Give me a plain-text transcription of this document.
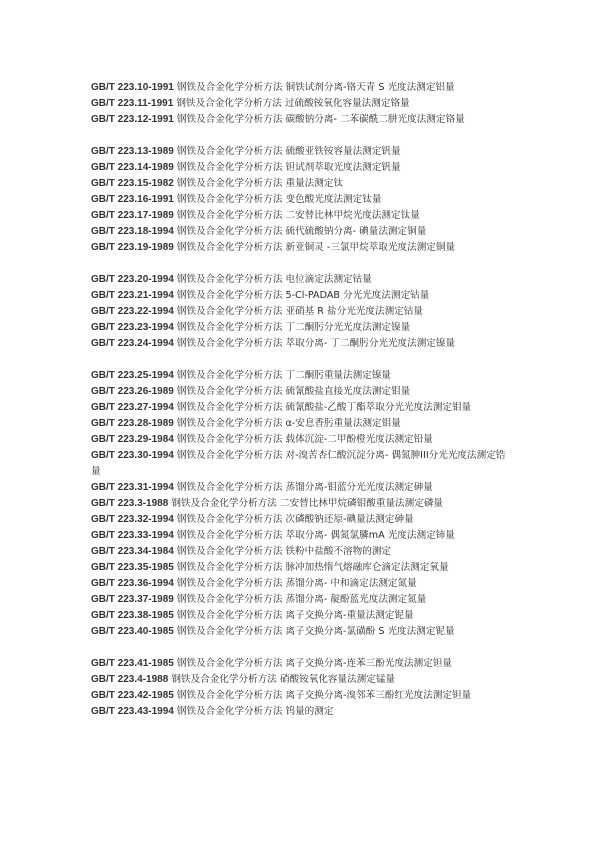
GB/T 223.10-1991 钢铁及合金化学分析方法 铜铁试剂分离-铬天青 S 光度法测定铝量

GB/T 223.11-1991 钢铁及合金化学分析方法 过硫酸铵氧化容量法测定铬量

GB/T 223.12-1991 钢铁及合金化学分析方法 碳酸钠分离- 二苯碳酰二肼光度法测定铬量

GB/T 223.13-1989 钢铁及合金化学分析方法 硫酸亚铁铵容量法测定钒量

GB/T 223.14-1989 钢铁及合金化学分析方法 钽试剂萃取光度法测定钒量

GB/T 223.15-1982 钢铁及合金化学分析方法 重量法测定钛

GB/T 223.16-1991 钢铁及合金化学分析方法 变色酸光度法测定钛量

GB/T 223.17-1989 钢铁及合金化学分析方法 二安替比林甲烷光度法测定钛量

GB/T 223.18-1994 钢铁及合金化学分析方法 硫代硫酸钠分离- 碘量法测定铜量

GB/T 223.19-1989 钢铁及合金化学分析方法 新亚铜灵 -三氯甲烷萃取光度法测定铜量

GB/T 223.20-1994 钢铁及合金化学分析方法 电位滴定法测定钴量

GB/T 223.21-1994 钢铁及合金化学分析方法 5-Cl-PADAB 分光光度法测定钴量

GB/T 223.22-1994 钢铁及合金化学分析方法 亚硝基 R 盐分光光度法测定钴量

GB/T 223.23-1994 钢铁及合金化学分析方法 丁二酮肟分光光度法测定镍量

GB/T 223.24-1994 钢铁及合金化学分析方法 萃取分离- 丁二酮肟分光光度法测定镍量

GB/T 223.25-1994 钢铁及合金化学分析方法 丁二酮肟重量法测定镍量

GB/T 223.26-1989 钢铁及合金化学分析方法 硫氰酸盐直接光度法测定钼量

GB/T 223.27-1994 钢铁及合金化学分析方法 硫氰酸盐-乙酸丁酯萃取分光光度法测定钼量

GB/T 223.28-1989 钢铁及合金化学分析方法 α-安息香肟重量法测定钼量

GB/T 223.29-1984 钢铁及合金化学分析方法 载体沉淀-二甲酚橙光度法测定铅量

GB/T 223.30-1994 钢铁及合金化学分析方法 对-溴苦杏仁酸沉淀分离- 偶氮胂III分光光度法测定锆量

GB/T 223.31-1994 钢铁及合金化学分析方法 蒸馏分离-钼蓝分光光度法测定砷量

GB/T 223.3-1988 钢铁及合金化学分析方法 二安替比林甲烷磷钼酸重量法测定磷量

GB/T 223.32-1994 钢铁及合金化学分析方法 次磷酸钠还原-碘量法测定砷量

GB/T 223.33-1994 钢铁及合金化学分析方法 萃取分离- 偶氮氯膦mA 光度法测定铈量

GB/T 223.34-1984 钢铁及合金化学分析方法 铁粉中盐酸不溶物的测定

GB/T 223.35-1985 钢铁及合金化学分析方法 脉冲加热惰气熔融库仑滴定法测定氧量

GB/T 223.36-1994 钢铁及合金化学分析方法 蒸馏分离- 中和滴定法测定氮量

GB/T 223.37-1989 钢铁及合金化学分析方法 蒸馏分离- 靛酚蓝光度法测定氮量

GB/T 223.38-1985 钢铁及合金化学分析方法 离子交换分离-重量法测定铌量

GB/T 223.40-1985 钢铁及合金化学分析方法 离子交换分离-氯磺酚 S 光度法测定铌量

GB/T 223.41-1985 钢铁及合金化学分析方法 离子交换分离-连苯三酚光度法测定钽量

GB/T 223.4-1988 钢铁及合金化学分析方法 硝酸铵氧化容量法测定锰量

GB/T 223.42-1985 钢铁及合金化学分析方法 离子交换分离-溴邻苯三酚红光度法测定钽量

GB/T 223.43-1994 钢铁及合金化学分析方法 钨量的测定
